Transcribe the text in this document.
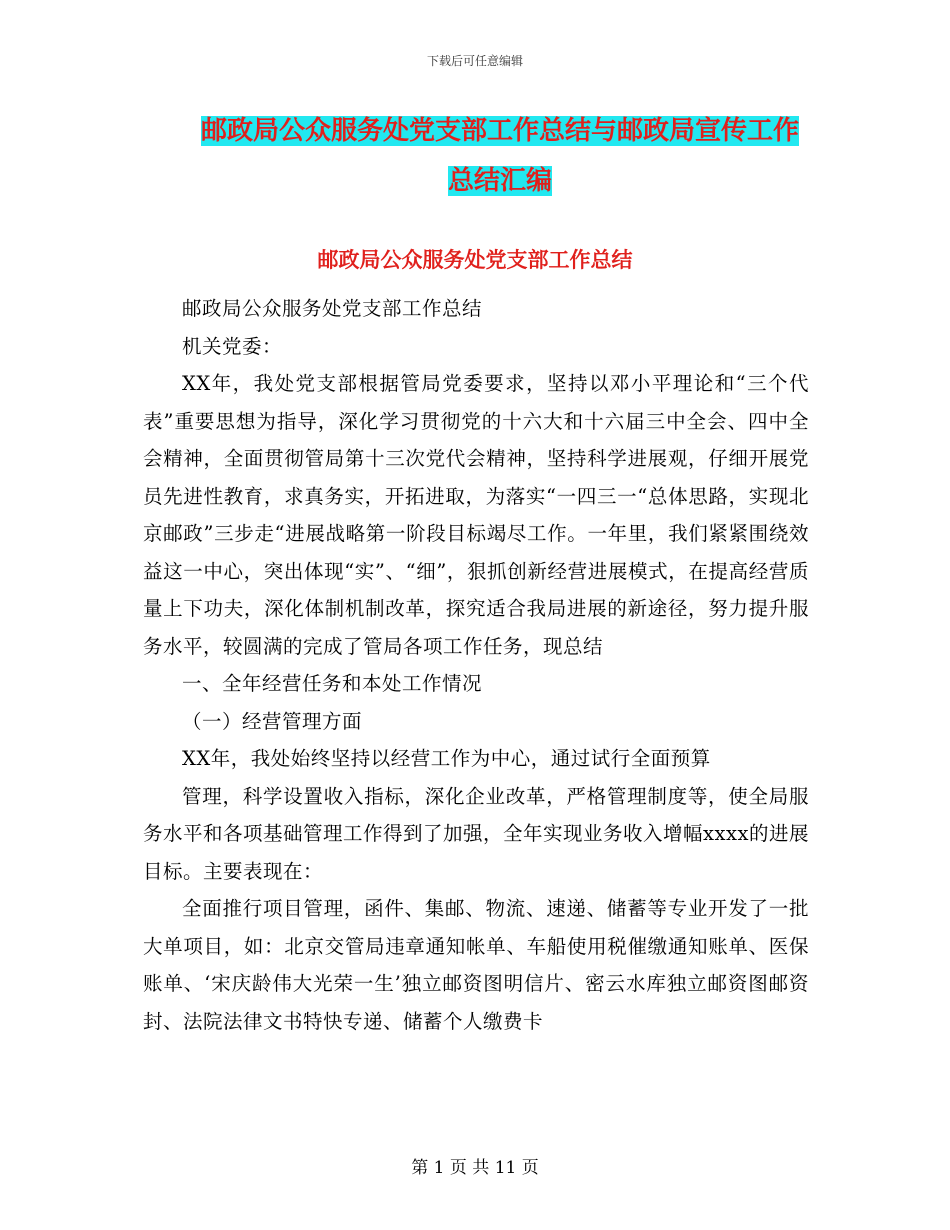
下载后可任意编辑
邮政局公众服务处党支部工作总结与邮政局宣传工作
总结汇编
邮政局公众服务处党支部工作总结

邮政局公众服务处党支部工作总结

机关党委：

XX年，我处党支部根据管局党委要求，坚持以邓小平理论和“三个代表”重要思想为指导，深化学习贯彻党的十六大和十六届三中全会、四中全会精神，全面贯彻管局第十三次党代会精神，坚持科学进展观，仔细开展党员先进性教育，求真务实，开拓进取，为落实“一四三一“总体思路，实现北京邮政”三步走“进展战略第一阶段目标竭尽工作。一年里，我们紧紧围绕效益这一中心，突出体现“实”、“细”，狠抓创新经营进展模式，在提高经营质量上下功夫，深化体制机制改革，探究适合我局进展的新途径，努力提升服务水平，较圆满的完成了管局各项工作任务，现总结

一、全年经营任务和本处工作情况

（一）经营管理方面

XX年，我处始终坚持以经营工作为中心，通过试行全面预算

管理，科学设置收入指标，深化企业改革，严格管理制度等，使全局服务水平和各项基础管理工作得到了加强，全年实现业务收入增幅xxxx的进展目标。主要表现在：

全面推行项目管理，函件、集邮、物流、速递、储蓄等专业开发了一批大单项目，如：北京交管局违章通知帐单、车船使用税催缴通知账单、医保账单、‘宋庆龄伟大光荣一生’独立邮资图明信片、密云水库独立邮资图邮资封、法院法律文书特快专递、储蓄个人缴费卡

第 1 页 共 11 页
